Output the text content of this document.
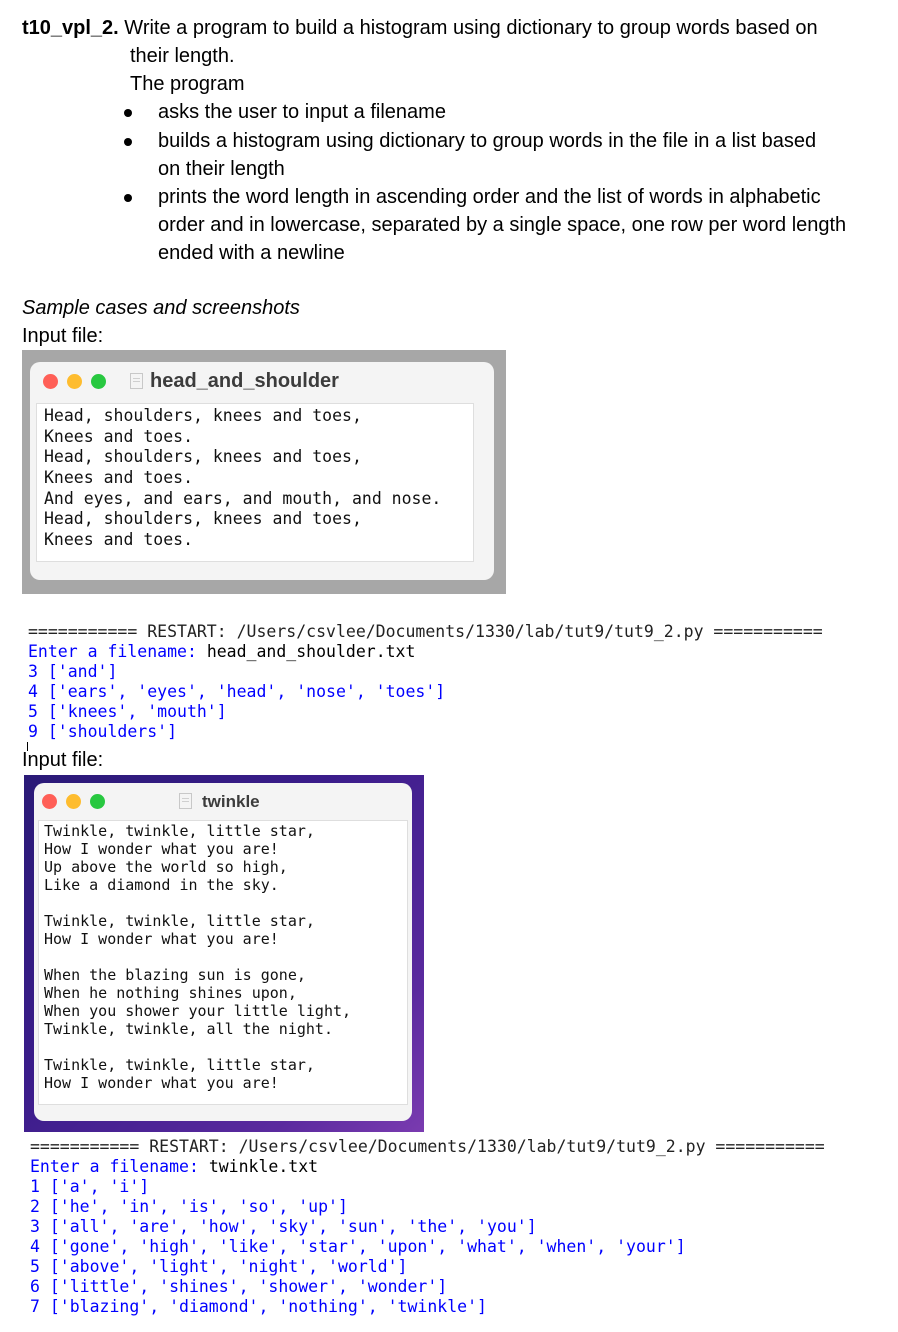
t10_vpl_2. Write a program to build a histogram using dictionary to group words based on
their length.
The program
asks the user to input a filename
builds a histogram using dictionary to group words in the file in a list based
on their length
prints the word length in ascending order and the list of words in alphabetic
order and in lowercase, separated by a single space, one row per word length
ended with a newline
Sample cases and screenshots
Input file:
head_and_shoulder
Head, shoulders, knees and toes,
Knees and toes.
Head, shoulders, knees and toes,
Knees and toes.
And eyes, and ears, and mouth, and nose.
Head, shoulders, knees and toes,
Knees and toes.
=========== RESTART: /Users/csvlee/Documents/1330/lab/tut9/tut9_2.py ===========
Enter a filename: head_and_shoulder.txt
3 ['and']
4 ['ears', 'eyes', 'head', 'nose', 'toes']
5 ['knees', 'mouth']
9 ['shoulders']
Input file:
twinkle
Twinkle, twinkle, little star,
How I wonder what you are!
Up above the world so high,
Like a diamond in the sky.
Twinkle, twinkle, little star,
How I wonder what you are!
When the blazing sun is gone,
When he nothing shines upon,
When you shower your little light,
Twinkle, twinkle, all the night.
Twinkle, twinkle, little star,
How I wonder what you are!
=========== RESTART: /Users/csvlee/Documents/1330/lab/tut9/tut9_2.py ===========
Enter a filename: twinkle.txt
1 ['a', 'i']
2 ['he', 'in', 'is', 'so', 'up']
3 ['all', 'are', 'how', 'sky', 'sun', 'the', 'you']
4 ['gone', 'high', 'like', 'star', 'upon', 'what', 'when', 'your']
5 ['above', 'light', 'night', 'world']
6 ['little', 'shines', 'shower', 'wonder']
7 ['blazing', 'diamond', 'nothing', 'twinkle']
